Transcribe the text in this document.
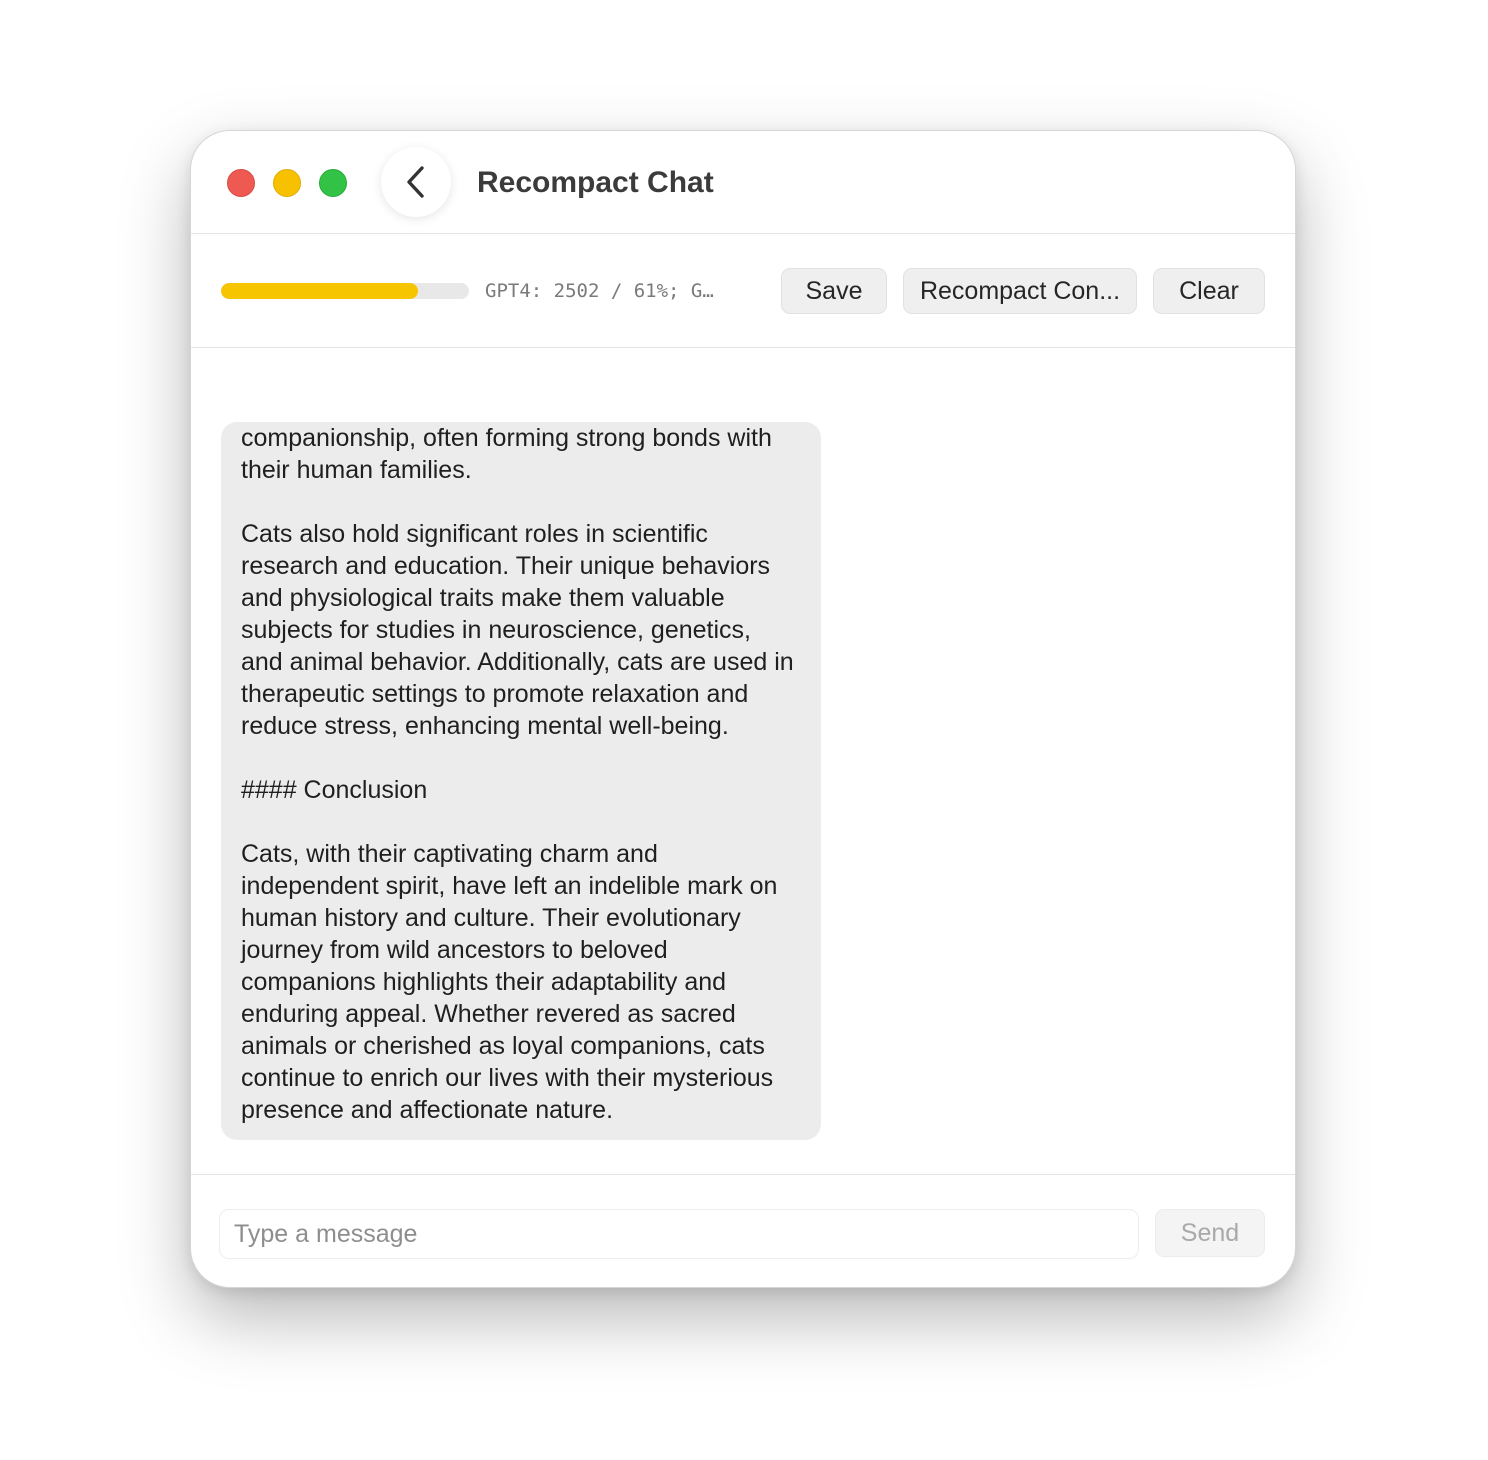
Recompact Chat
GPT4: 2502 / 61%; G…	Save	Recompact Con...	Clear

companionship, often forming strong bonds with their human families.

Cats also hold significant roles in scientific research and education. Their unique behaviors and physiological traits make them valuable subjects for studies in neuroscience, genetics, and animal behavior. Additionally, cats are used in therapeutic settings to promote relaxation and reduce stress, enhancing mental well-being.

#### Conclusion

Cats, with their captivating charm and independent spirit, have left an indelible mark on human history and culture. Their evolutionary journey from wild ancestors to beloved companions highlights their adaptability and enduring appeal. Whether revered as sacred animals or cherished as loyal companions, cats continue to enrich our lives with their mysterious presence and affectionate nature.

Type a message
Send
